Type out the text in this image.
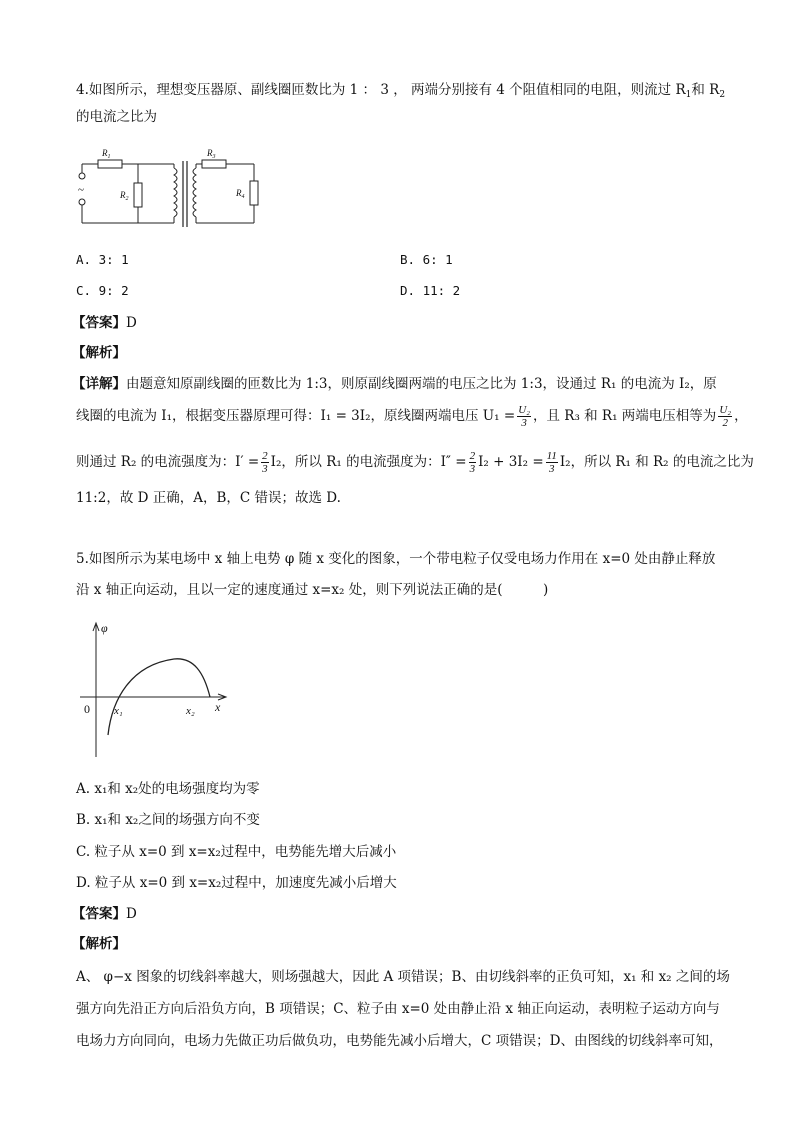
4.如图所示，理想变压器原、副线圈匝数比为 1 ： 3 ， 两端分别接有 4 个阻值相同的电阻，则流过 $R_1$和 $R_2$
的电流之比为
$R_1$
$R_2$
$R_3$
$R_4$
~
A. 3: 1	B. 6: 1
C. 9: 2	D. 11: 2
【答案】D
【解析】
【详解】由题意知原副线圈的匝数比为 1:3，则原副线圈两端的电压之比为 1:3，设通过 R₁ 的电流为 I₂，原
线圈的电流为 I₁，根据变压器原理可得：I₁ = 3I₂，原线圈两端电压 $U_1 = \frac{\text{U₂}}{3}$ ，且 R₃ 和 R₁ 两端电压相等为 $\frac{\text{U₂}}{2}$ ，
则通过 R₂ 的电流强度为：$I' = \frac{2}{3} I_2$，所以 R₁ 的电流强度为：$I'' = \frac{2}{3} I_2 + 3I_2 = \frac{11}{3} I_2$，所以 R₁ 和 R₂ 的电流之比为
11:2，故 D 正确，A，B，C 错误；故选 D.
5.如图所示为某电场中 x 轴上电势 φ 随 x 变化的图象，一个带电粒子仅受电场力作用在 x=0 处由静止释放
沿 x 轴正向运动，且以一定的速度通过 x=x₂ 处，则下列说法正确的是(　　　)
φ
x
0 x₁	x₂
A. x₁和 x₂处的电场强度均为零
B. x₁和 x₂之间的场强方向不变
C. 粒子从 x=0 到 x=x₂过程中，电势能先增大后减小
D. 粒子从 x=0 到 x=x₂过程中，加速度先减小后增大
【答案】D
【解析】
A、 φ−x 图象的切线斜率越大，则场强越大，因此 A 项错误；B、由切线斜率的正负可知，x₁ 和 x₂ 之间的场
强方向先沿正方向后沿负方向，B 项错误；C、粒子由 x=0 处由静止沿 x 轴正向运动，表明粒子运动方向与
电场力方向同向，电场力先做正功后做负功，电势能先减小后增大，C 项错误；D、由图线的切线斜率可知，
